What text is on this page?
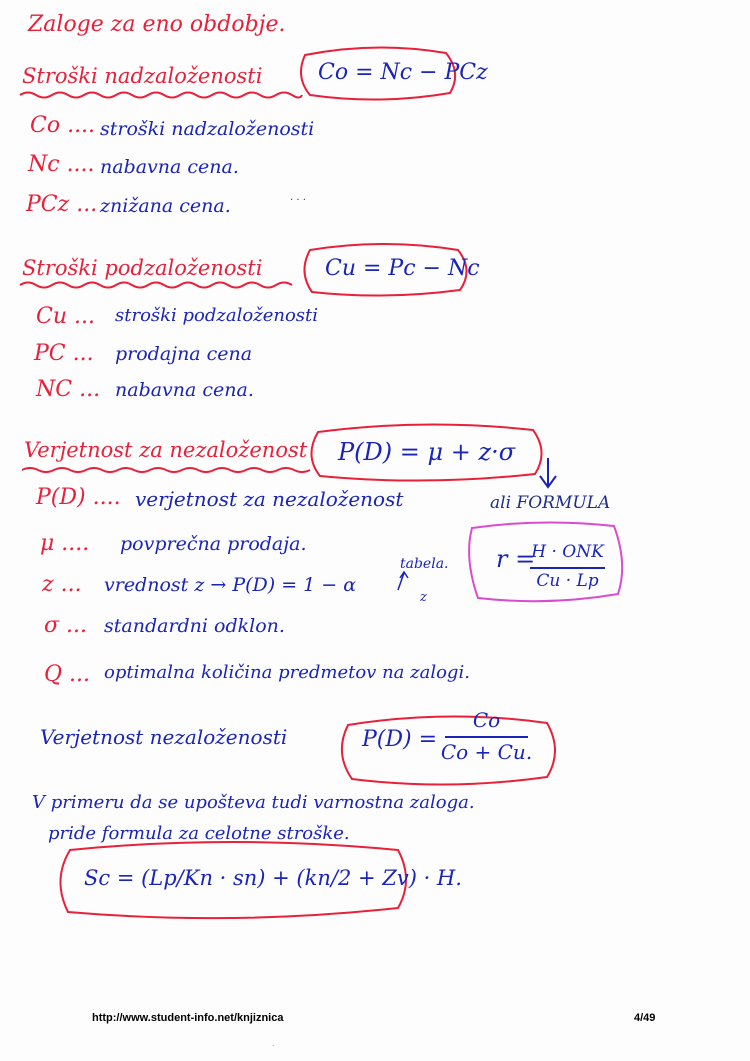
. . .
.
Zaloge za eno obdobje.
Stroški nadzaloženosti	Co = Nc − PCz
Co .... stroški nadzaloženosti
Nc .... nabavna cena.
PCz ... znižana cena.
Stroški podzaloženosti	Cu = Pc − Nc
Cu ... stroški podzaloženosti
PC ... prodajna cena
NC ... nabavna cena.
Verjetnost za nezaloženost P(D) = μ + z·σ
ali FORMULA
r =
H · ONK
Cu · Lp
P(D) .... verjetnost za nezaloženost
μ .... povprečna prodaja.
z ... vrednost z → P(D) = 1 − α
tabela.
z
σ ... standardni odklon.
Q ... optimalna količina predmetov na zalogi.
Verjetnost nezaloženosti	P(D) =
Co
Co + Cu.
V primeru da se upošteva tudi varnostna zaloga.
pride formula za celotne stroške.
Sc = (Lp/Kn · sn) + (kn/2 + Zv) · H.
http://www.student-info.net/knjiznica	4/49
